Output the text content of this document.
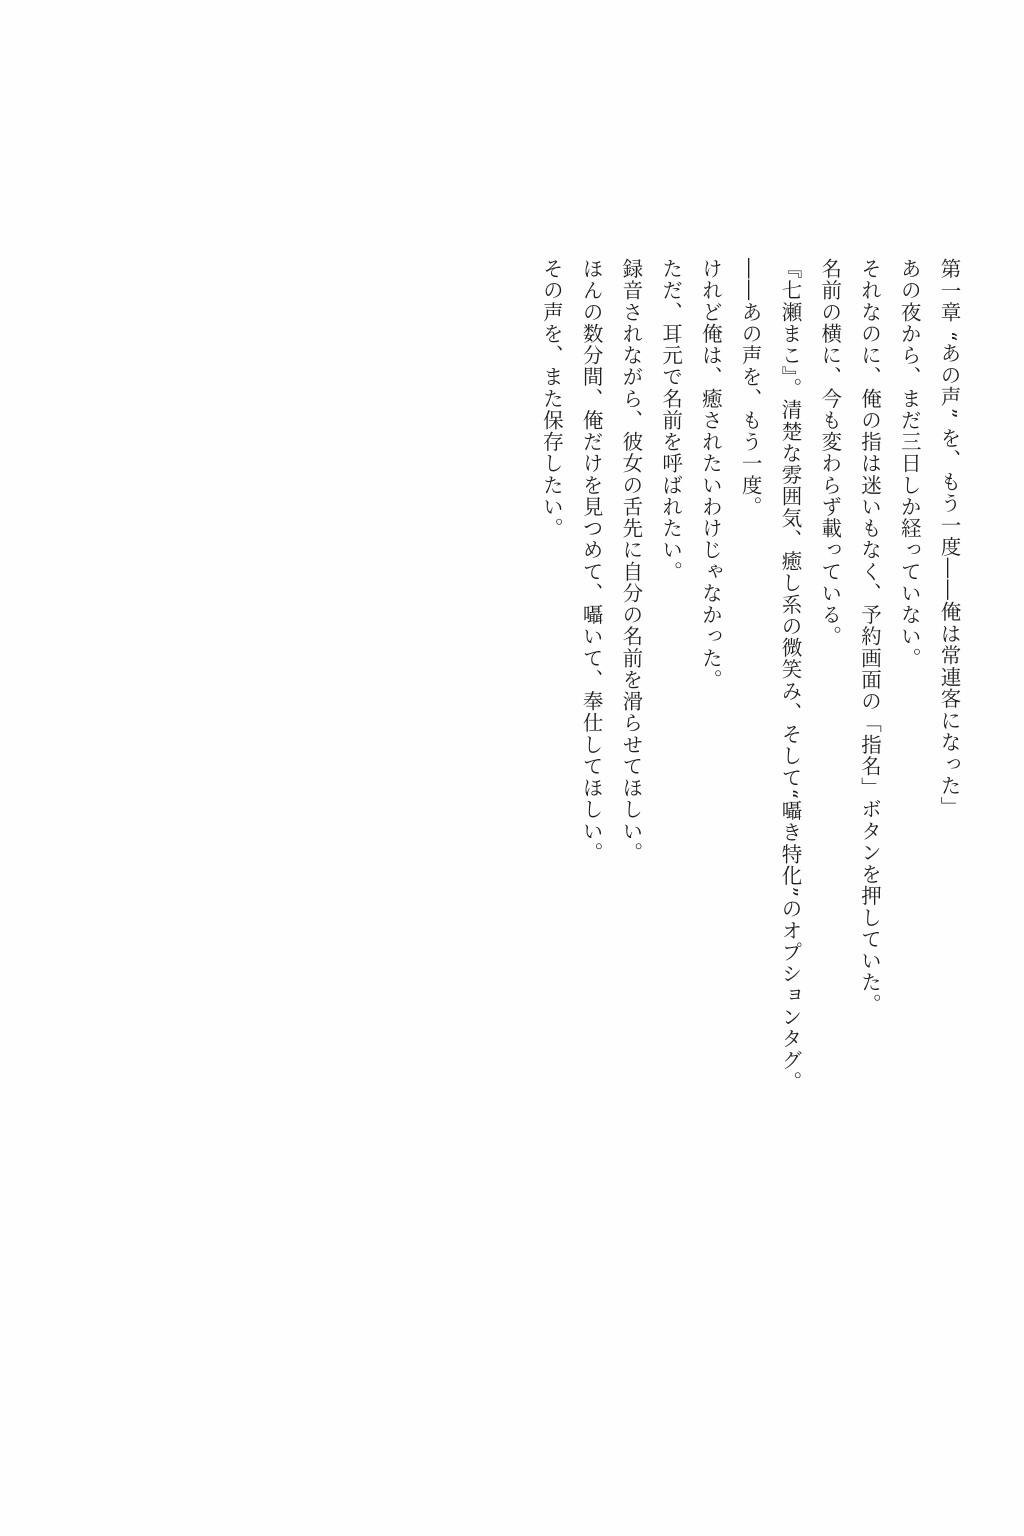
第一章 “あの声” を、もう一度――俺は常連客になった」

あの夜から、まだ三日しか経っていない。

それなのに、俺の指は迷いもなく、予約画面の「指名」ボタンを押していた。

名前の横に、今も変わらず載っている。

『七瀬まこ』。清楚な雰囲気、癒し系の微笑み、そして“囁き特化”のオプションタグ。

――あの声を、もう一度。

けれど俺は、癒されたいわけじゃなかった。

ただ、耳元で名前を呼ばれたい。

録音されながら、彼女の舌先に自分の名前を滑らせてほしい。

ほんの数分間、俺だけを見つめて、囁いて、奉仕してほしい。

その声を、また保存したい。
